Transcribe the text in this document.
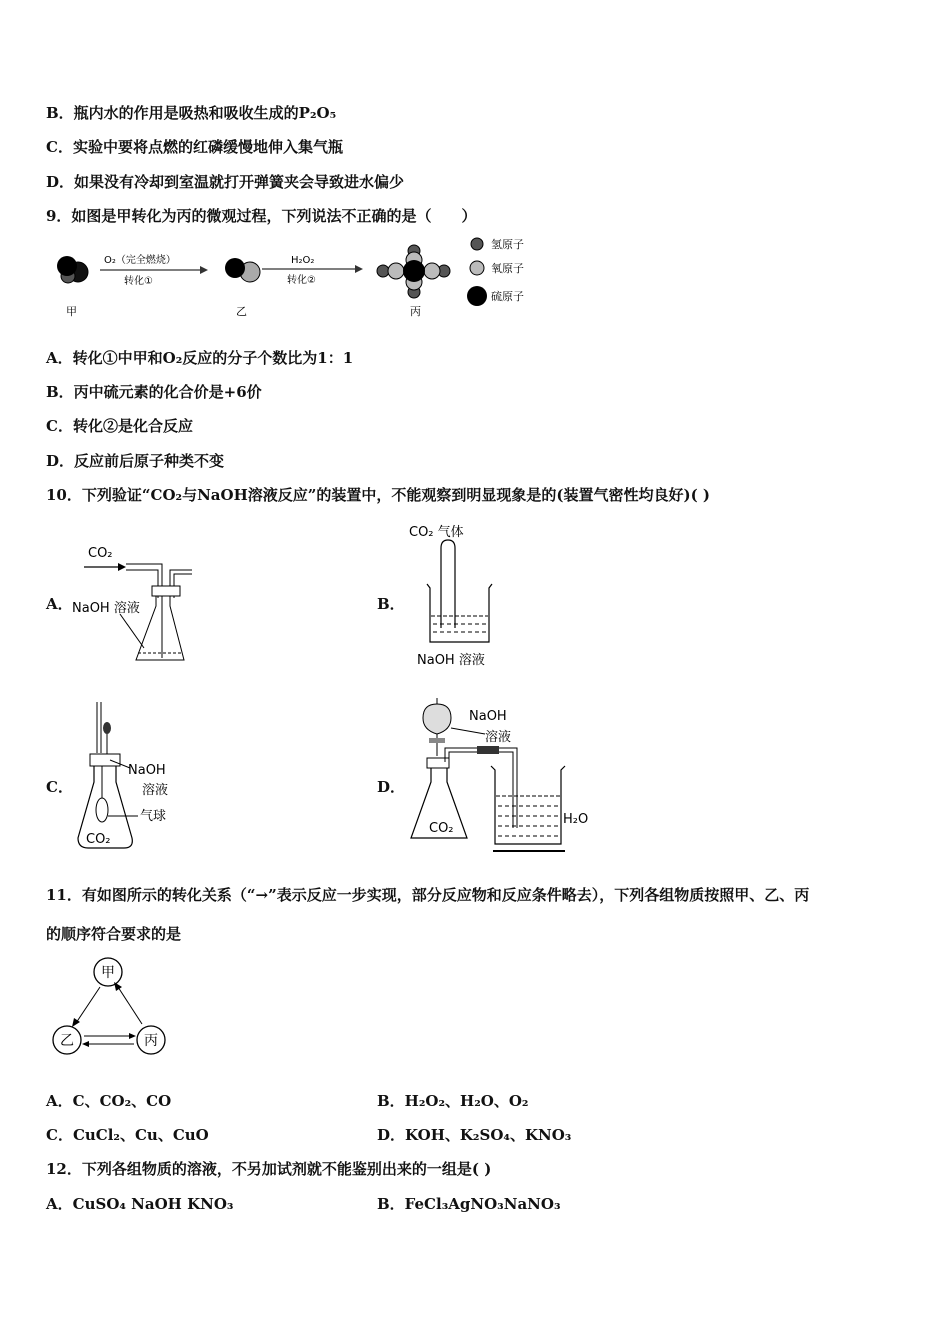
B．瓶内水的作用是吸热和吸收生成的P₂O₅
C．实验中要将点燃的红磷缓慢地伸入集气瓶
D．如果没有冷却到室温就打开弹簧夹会导致进水偏少
9．如图是甲转化为丙的微观过程，下列说法不正确的是（　　）
甲
O₂（完全燃烧）
转化①
乙
H₂O₂
转化②
丙
氢原子
氧原子
硫原子
A．转化①中甲和O₂反应的分子个数比为1：1
B．丙中硫元素的化合价是+6价
C．转化②是化合反应
D．反应前后原子种类不变
10．下列验证“CO₂与NaOH溶液反应”的装置中，不能观察到明显现象是的(装置气密性均良好)( )
A．
CO₂
NaOH 溶液	B．
CO₂ 气体
NaOH 溶液
C．
NaOH
溶液
气球
CO₂
D．
NaOH
溶液
CO₂
H₂O
11．有如图所示的转化关系（“→”表示反应一步实现，部分反应物和反应条件略去），下列各组物质按照甲、乙、丙
的顺序符合要求的是
甲
乙	丙
A．C、CO₂、CO	B．H₂O₂、H₂O、O₂
C．CuCl₂、Cu、CuO	D．KOH、K₂SO₄、KNO₃
12．下列各组物质的溶液，不另加试剂就不能鉴别出来的一组是( )
A．CuSO₄ NaOH KNO₃	B．FeCl₃AgNO₃NaNO₃
